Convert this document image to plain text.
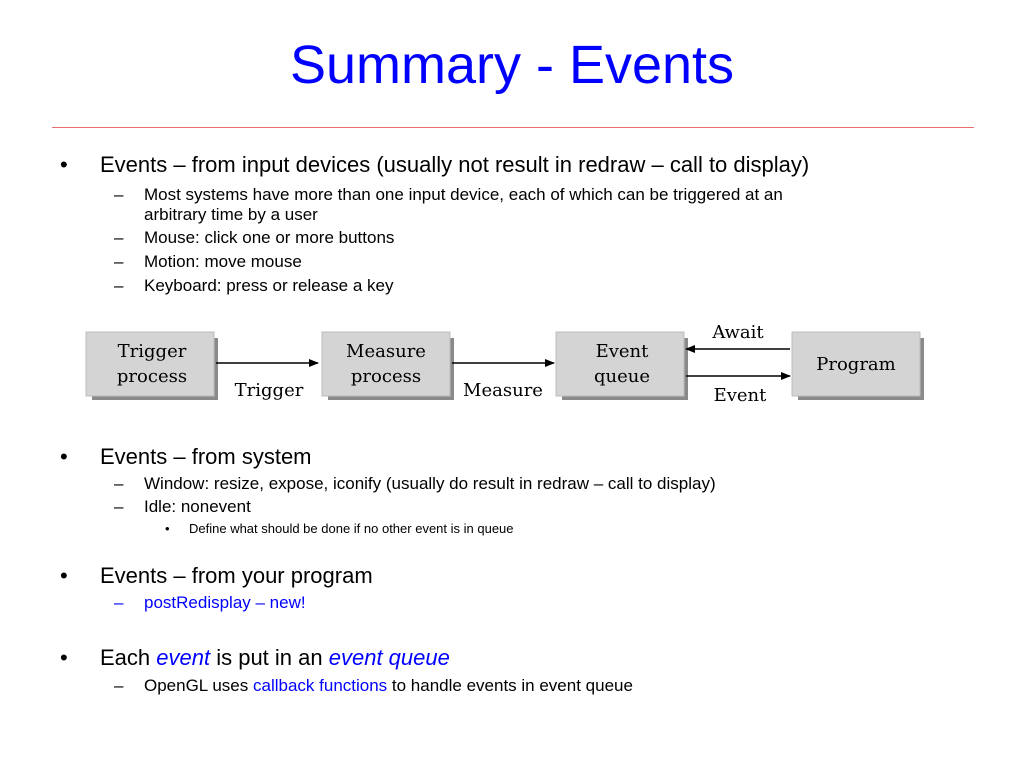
Summary - Events
• Events – from input devices (usually not result in redraw – call to display)
– Most systems have more than one input device, each of which can be triggered at an
arbitrary time by a user
– Mouse: click one or more buttons
– Motion: move mouse
– Keyboard: press or release a key
Trigger
process
Measure
process
Event
queue
Program
Trigger	Measure
Await
Event
• Events – from system
– Window: resize, expose, iconify (usually do result in redraw – call to display)
– Idle: nonevent
• Define what should be done if no other event is in queue
• Events – from your program
– postRedisplay – new!
• Each event is put in an event queue
– OpenGL uses callback functions to handle events in event queue
